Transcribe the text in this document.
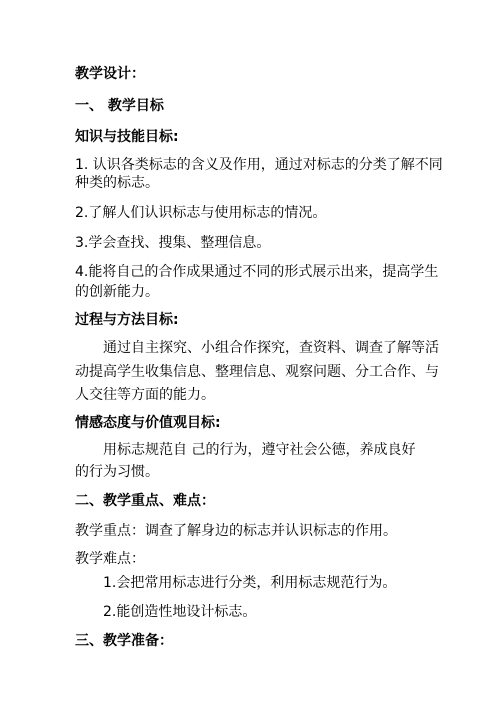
教学设计：
一、 教学目标
知识与技能目标:
1. 认识各类标志的含义及作用，通过对标志的分类了解不同
种类的标志。
2.了解人们认识标志与使用标志的情况。
3.学会查找、搜集、整理信息。
4.能将自己的合作成果通过不同的形式展示出来，提高学生
的创新能力。
过程与方法目标:
通过自主探究、小组合作探究，查资料、调查了解等活
动提高学生收集信息、整理信息、观察问题、分工合作、与
人交往等方面的能力。
情感态度与价值观目标:
用标志规范自 己的行为，遵守社会公德，养成良好
的行为习惯。
二、教学重点、难点：
教学重点：调查了解身边的标志并认识标志的作用。
教学难点：
1.会把常用标志进行分类，利用标志规范行为。
2.能创造性地设计标志。
三、教学准备：
